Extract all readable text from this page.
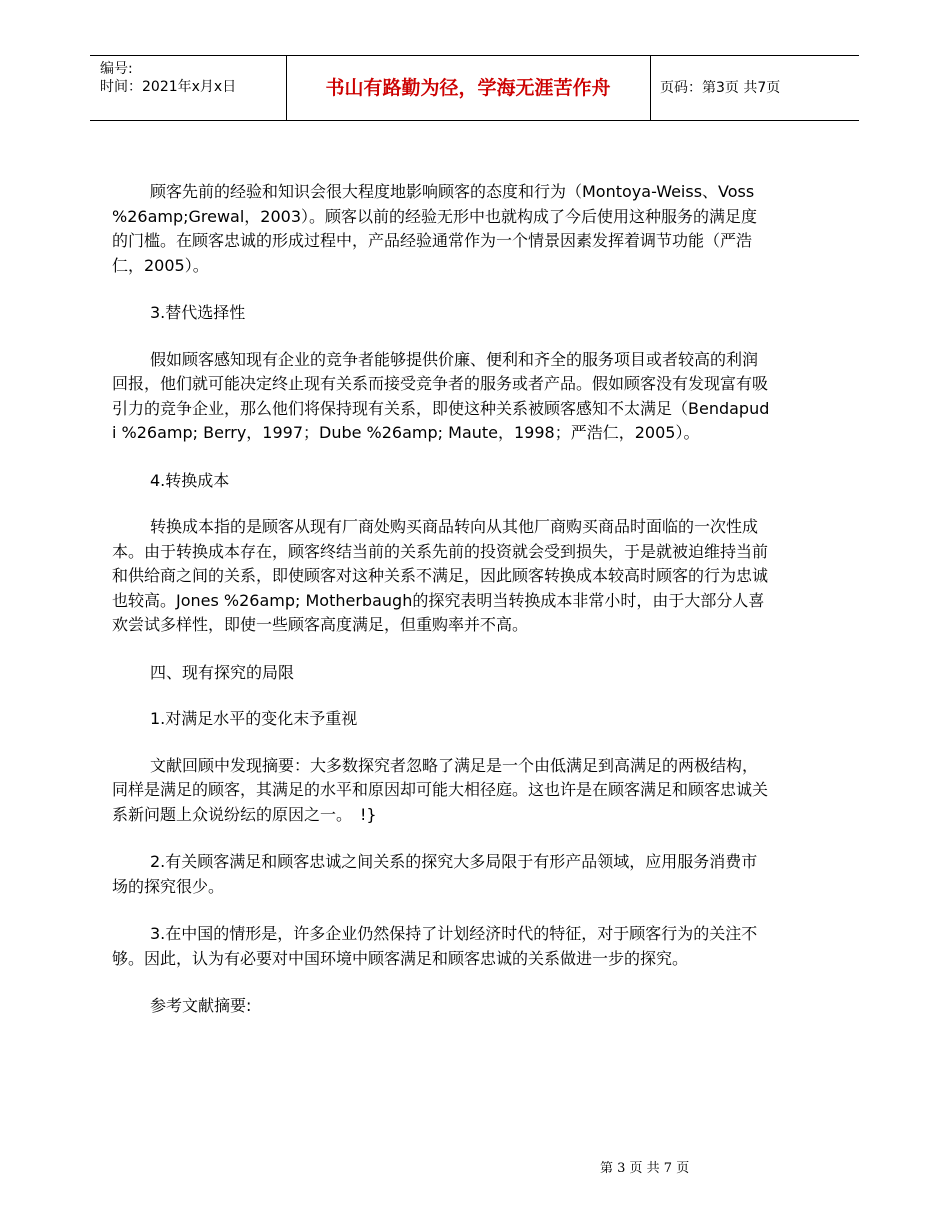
编号:
时间：2021年x月x日	书山有路勤为径，学海无涯苦作舟	页码：第3页 共7页

顾客先前的经验和知识会很大程度地影响顾客的态度和行为（Montoya-Weiss、Voss %26amp;Grewal，2003）。顾客以前的经验无形中也就构成了今后使用这种服务的满足度的门槛。在顾客忠诚的形成过程中，产品经验通常作为一个情景因素发挥着调节功能（严浩仁，2005）。

3.替代选择性

假如顾客感知现有企业的竞争者能够提供价廉、便利和齐全的服务项目或者较高的利润回报，他们就可能决定终止现有关系而接受竞争者的服务或者产品。假如顾客没有发现富有吸引力的竞争企业，那么他们将保持现有关系，即使这种关系被顾客感知不太满足（Bendapudi %26amp; Berry，1997；Dube %26amp; Maute，1998；严浩仁，2005）。

4.转换成本

转换成本指的是顾客从现有厂商处购买商品转向从其他厂商购买商品时面临的一次性成本。由于转换成本存在，顾客终结当前的关系先前的投资就会受到损失，于是就被迫维持当前和供给商之间的关系，即使顾客对这种关系不满足，因此顾客转换成本较高时顾客的行为忠诚也较高。Jones %26amp; Motherbaugh的探究表明当转换成本非常小时，由于大部分人喜欢尝试多样性，即使一些顾客高度满足，但重购率并不高。

四、现有探究的局限

1.对满足水平的变化末予重视

文献回顾中发现摘要：大多数探究者忽略了满足是一个由低满足到高满足的两极结构，同样是满足的顾客，其满足的水平和原因却可能大相径庭。这也许是在顾客满足和顾客忠诚关系新问题上众说纷纭的原因之一。　!}

2.有关顾客满足和顾客忠诚之间关系的探究大多局限于有形产品领域，应用服务消费市场的探究很少。

3.在中国的情形是，许多企业仍然保持了计划经济时代的特征，对于顾客行为的关注不够。因此，认为有必要对中国环境中顾客满足和顾客忠诚的关系做进一步的探究。

参考文献摘要:

第 3 页 共 7 页
